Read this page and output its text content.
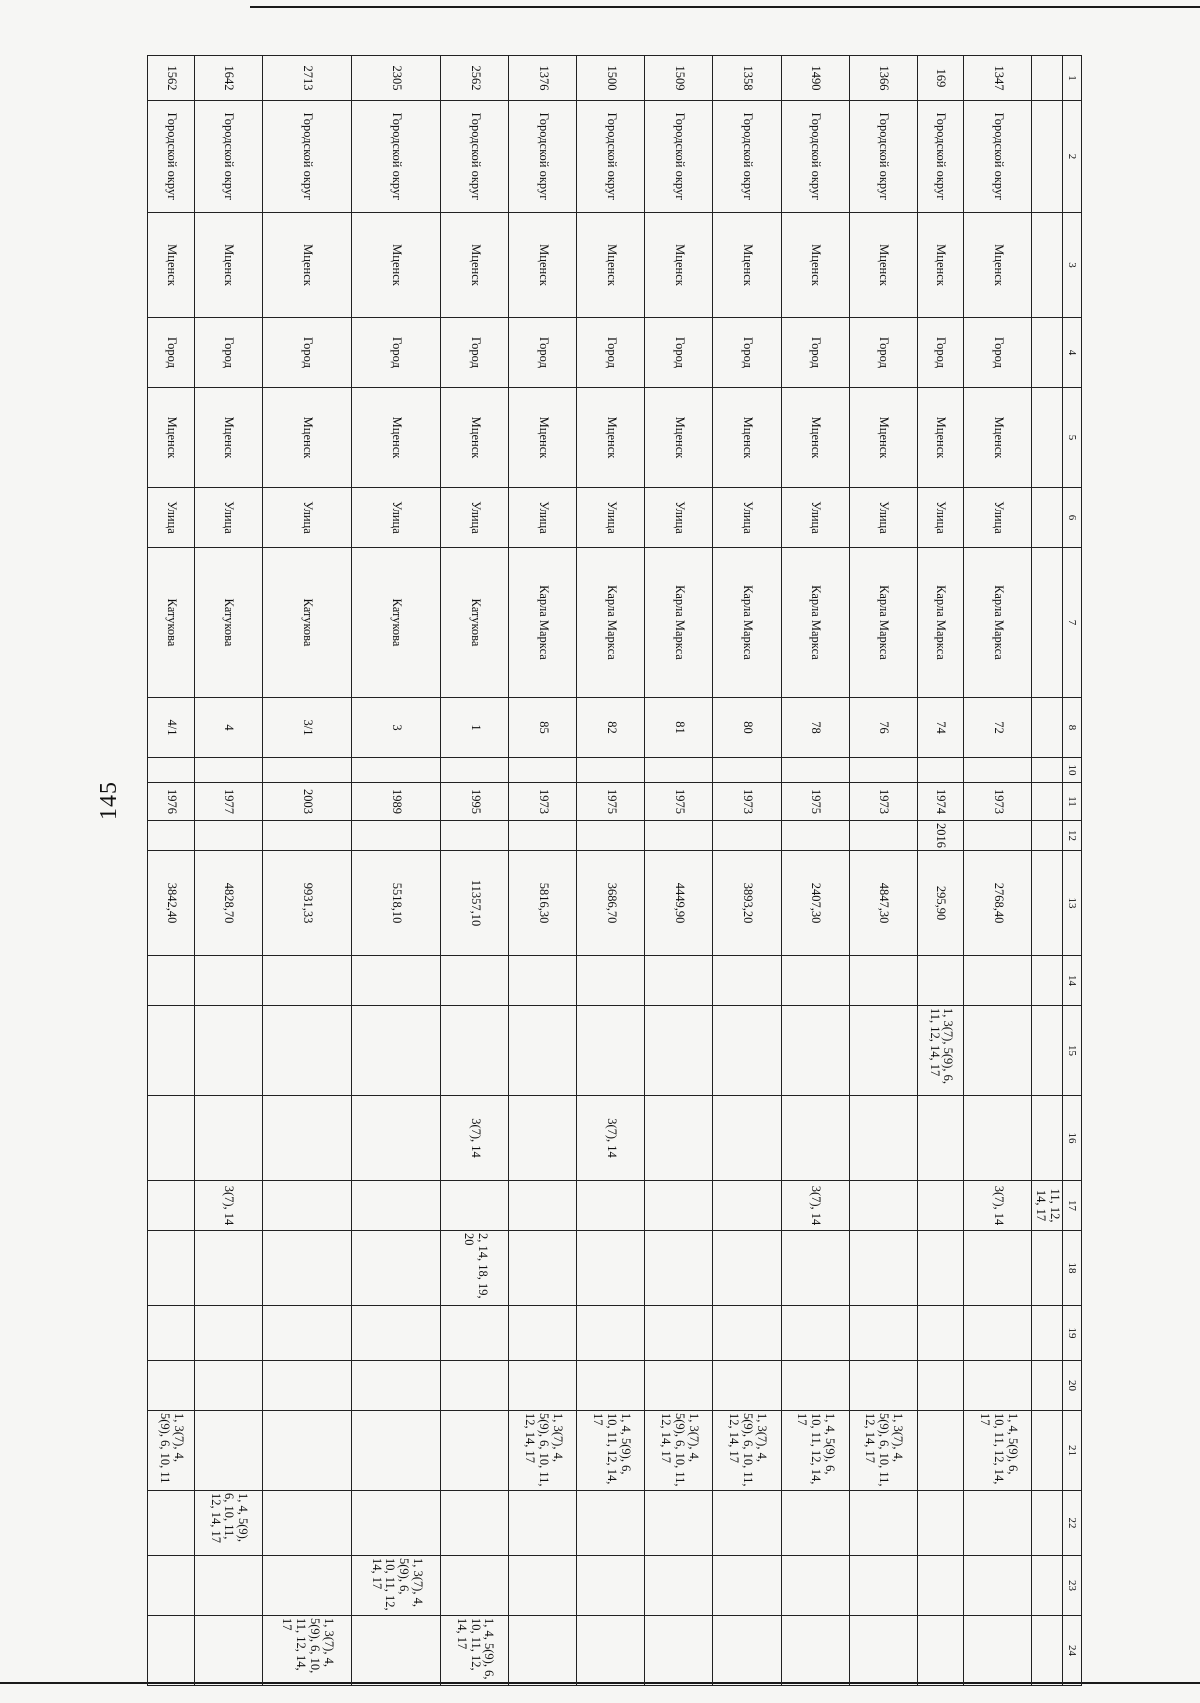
145
1	2	3	4	5	6	7	8	10	11	12	13	14	15	16	17	18	19	20	21	22	23	24
															11, 12, 14, 17							
1347	Городской округ	Мценск	Город	Мценск	Улица	Карла Маркса	72		1973		2768,40				3(7), 14				1, 4, 5(9), 6, 10, 11, 12, 14, 17			
169	Городской округ	Мценск	Город	Мценск	Улица	Карла Маркса	74		1974	2016	295,90		1, 3(7), 5(9), 6, 11, 12, 14, 17									
1366	Городской округ	Мценск	Город	Мценск	Улица	Карла Маркса	76		1973		4847,30								1, 3(7), 4, 5(9), 6, 10, 11, 12, 14, 17			
1490	Городской округ	Мценск	Город	Мценск	Улица	Карла Маркса	78		1975		2407,30				3(7), 14				1, 4, 5(9), 6, 10, 11, 12, 14, 17			
1358	Городской округ	Мценск	Город	Мценск	Улица	Карла Маркса	80		1973		3893,20								1, 3(7), 4, 5(9), 6, 10, 11, 12, 14, 17			
1509	Городской округ	Мценск	Город	Мценск	Улица	Карла Маркса	81		1975		4449,90								1, 3(7), 4, 5(9), 6, 10, 11, 12, 14, 17			
1500	Городской округ	Мценск	Город	Мценск	Улица	Карла Маркса	82		1975		3686,70			3(7), 14					1, 4, 5(9), 6, 10, 11, 12, 14, 17			
1376	Городской округ	Мценск	Город	Мценск	Улица	Карла Маркса	85		1973		5816,30								1, 3(7), 4, 5(9), 6, 10, 11, 12, 14, 17			
2562	Городской округ	Мценск	Город	Мценск	Улица	Катукова	1		1995		11357,10			3(7), 14		2, 14, 18, 19, 20						1, 4, 5(9), 6, 10, 11, 12, 14, 17
2305	Городской округ	Мценск	Город	Мценск	Улица	Катукова	3		1989		5518,10										1, 3(7), 4, 5(9), 6, 10, 11, 12, 14, 17	
2713	Городской округ	Мценск	Город	Мценск	Улица	Катукова	3/1		2003		9931,33											1, 3(7), 4, 5(9), 6, 10, 11, 12, 14, 17
1642	Городской округ	Мценск	Город	Мценск	Улица	Катукова	4		1977		4828,70				3(7), 14					1, 4, 5(9), 6, 10, 11, 12, 14, 17		
1562	Городской округ	Мценск	Город	Мценск	Улица	Катукова	4/1		1976		3842,40								1, 3(7), 4, 5(9), 6, 10, 11			
